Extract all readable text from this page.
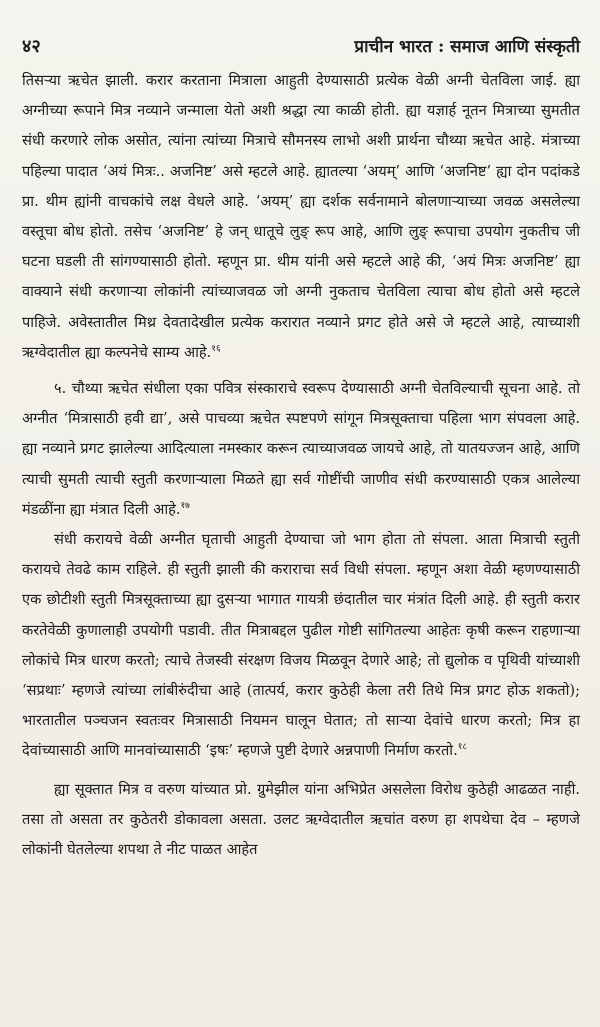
४२	प्राचीन भारत : समाज आणि संस्कृती

तिसऱ्या ऋचेत झाली. करार करताना मित्राला आहुती देण्यासाठी प्रत्येक वेळी अग्नी चेतविला जाई. ह्या अग्नीच्या रूपाने मित्र नव्याने जन्माला येतो अशी श्रद्धा त्या काळी होती. ह्या यज्ञार्ह नूतन मित्राच्या सुमतीत संधी करणारे लोक असोत, त्यांना त्यांच्या मित्राचे सौमनस्य लाभो अशी प्रार्थना चौथ्या ऋचेत आहे. मंत्राच्या पहिल्या पादात ‘अयं मित्रः.. अजनिष्ट’ असे म्हटले आहे. ह्यातल्या ‘अयम्’ आणि ‘अजनिष्ट’ ह्या दोन पदांकडे प्रा. थीम ह्यांनी वाचकांचे लक्ष वेधले आहे. ‘अयम्’ ह्या दर्शक सर्वनामाने बोलणाऱ्याच्या जवळ असलेल्या वस्तूचा बोध होतो. तसेच ‘अजनिष्ट’ हे जन् धातूचे लुङ् रूप आहे, आणि लुङ् रूपाचा उपयोग नुकतीच जी घटना घडली ती सांगण्यासाठी होतो. म्हणून प्रा. थीम यांनी असे म्हटले आहे की, ‘अयं मित्रः अजनिष्ट’ ह्या वाक्याने संधी करणाऱ्या लोकांनी त्यांच्याजवळ जो अग्नी नुकताच चेतविला त्याचा बोध होतो असे म्हटले पाहिजे. अवेस्तातील मिथ्र देवतादेखील प्रत्येक करारात नव्याने प्रगट होते असे जे म्हटले आहे, त्याच्याशी ऋग्वेदातील ह्या कल्पनेचे साम्य आहे.$^{१६}$

५. चौथ्या ऋचेत संधीला एका पवित्र संस्काराचे स्वरूप देण्यासाठी अग्नी चेतविल्याची सूचना आहे. तो अग्नीत ‘मित्रासाठी हवी द्या’, असे पाचव्या ऋचेत स्पष्टपणे सांगून मित्रसूक्ताचा पहिला भाग संपवला आहे. ह्या नव्याने प्रगट झालेल्या आदित्याला नमस्कार करून त्याच्याजवळ जायचे आहे, तो यातयज्जन आहे, आणि त्याची सुमती त्याची स्तुती करणाऱ्याला मिळते ह्या सर्व गोष्टींची जाणीव संधी करण्यासाठी एकत्र आलेल्या मंडळींना ह्या मंत्रात दिली आहे.$^{१७}$

संधी करायचे वेळी अग्नीत घृताची आहुती देण्याचा जो भाग होता तो संपला. आता मित्राची स्तुती करायचे तेवढे काम राहिले. ही स्तुती झाली की कराराचा सर्व विधी संपला. म्हणून अशा वेळी म्हणण्यासाठी एक छोटीशी स्तुती मित्रसूक्ताच्या ह्या दुसऱ्या भागात गायत्री छंदातील चार मंत्रांत दिली आहे. ही स्तुती करार करतेवेळी कुणालाही उपयोगी पडावी. तीत मित्राबद्दल पुढील गोष्टी सांगितल्या आहेतः कृषी करून राहणाऱ्या लोकांचे मित्र धारण करतो; त्याचे तेजस्वी संरक्षण विजय मिळवून देणारे आहे; तो द्युलोक व पृथिवी यांच्याशी ‘सप्रथाः’ म्हणजे त्यांच्या लांबीरुंदीचा आहे (तात्पर्य, करार कुठेही केला तरी तिथे मित्र प्रगट होऊ शकतो); भारतातील पञ्चजन स्वतःवर मित्रासाठी नियमन घालून घेतात; तो साऱ्या देवांचे धारण करतो; मित्र हा देवांच्यासाठी आणि मानवांच्यासाठी ‘इषः’ म्हणजे पुष्टी देणारे अन्नपाणी निर्माण करतो.$^{१८}$

ह्या सूक्तात मित्र व वरुण यांच्यात प्रो. ग्रुमेझील यांना अभिप्रेत असलेला विरोध कुठेही आढळत नाही. तसा तो असता तर कुठेतरी डोकावला असता. उलट ऋग्वेदातील ऋचांत वरुण हा शपथेचा देव – म्हणजे लोकांनी घेतलेल्या शपथा ते नीट पाळत आहेत
